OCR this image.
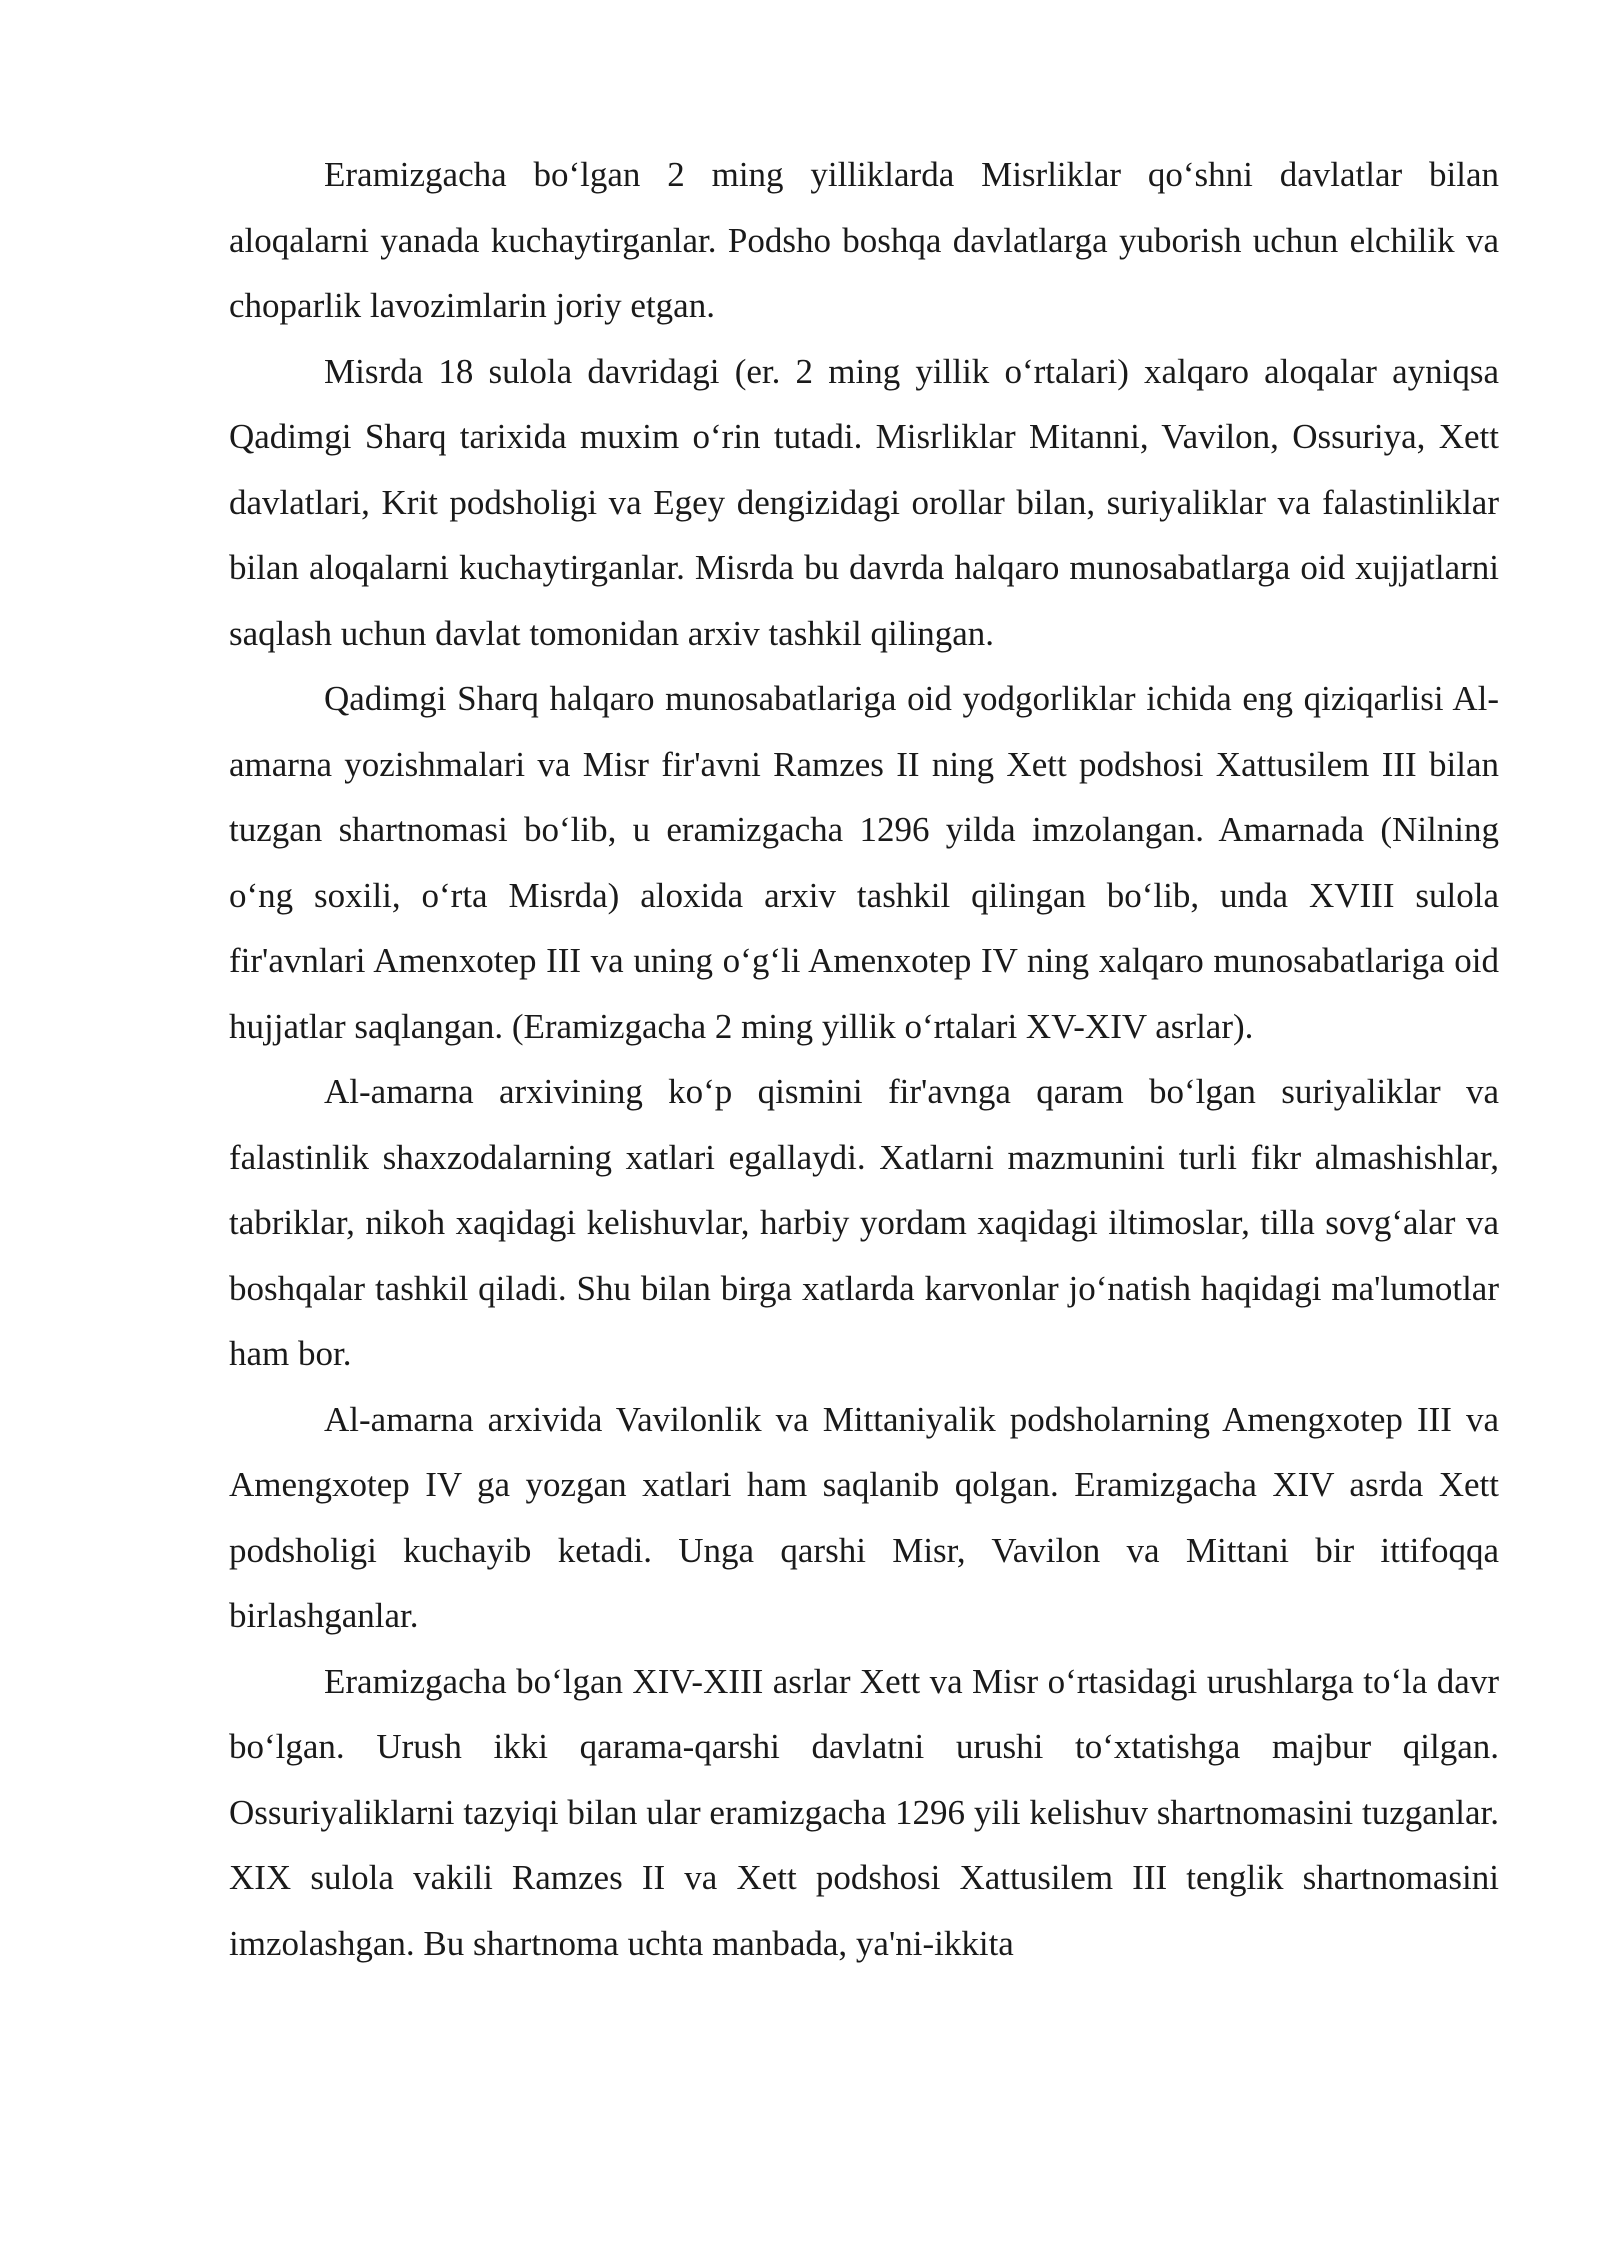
Eramizgacha bo‘lgan 2 ming yilliklarda Misrliklar qo‘shni davlatlar bilan aloqalarni yanada kuchaytirganlar. Podsho boshqa davlatlarga yuborish uchun elchilik va choparlik lavozimlarin joriy etgan.

Misrda 18 sulola davridagi (er. 2 ming yillik o‘rtalari) xalqaro aloqalar ayniqsa Qadimgi Sharq tarixida muxim o‘rin tutadi. Misrliklar Mitanni, Vavilon, Ossuriya, Xett davlatlari, Krit podsholigi va Egey dengizidagi orollar bilan, suriyaliklar va falastinliklar bilan aloqalarni kuchaytirganlar. Misrda bu davrda halqaro munosabatlarga oid xujjatlarni saqlash uchun davlat tomonidan arxiv tashkil qilingan.

Qadimgi Sharq halqaro munosabatlariga oid yodgorliklar ichida eng qiziqarlisi Al-amarna yozishmalari va Misr fir'avni Ramzes II ning Xett podshosi Xattusilem III bilan tuzgan shartnomasi bo‘lib, u eramizgacha 1296 yilda imzolangan. Amarnada (Nilning o‘ng soxili, o‘rta Misrda) aloxida arxiv tashkil qilingan bo‘lib, unda XVIII sulola fir'avnlari Amenxotep III va uning o‘g‘li Amenxotep IV ning xalqaro munosabatlariga oid hujjatlar saqlangan. (Eramizgacha 2 ming yillik o‘rtalari XV-XIV asrlar).

Al-amarna arxivining ko‘p qismini fir'avnga qaram bo‘lgan suriyaliklar va falastinlik shaxzodalarning xatlari egallaydi. Xatlarni mazmunini turli fikr almashishlar, tabriklar, nikoh xaqidagi kelishuvlar, harbiy yordam xaqidagi iltimoslar, tilla sovg‘alar va boshqalar tashkil qiladi. Shu bilan birga xatlarda karvonlar jo‘natish haqidagi ma'lumotlar ham bor.

Al-amarna arxivida Vavilonlik va Mittaniyalik podsholarning Amengxotep III va Amengxotep IV ga yozgan xatlari ham saqlanib qolgan. Eramizgacha XIV asrda Xett podsholigi kuchayib ketadi. Unga qarshi Misr, Vavilon va Mittani bir ittifoqqa birlashganlar.

Eramizgacha bo‘lgan XIV-XIII asrlar Xett va Misr o‘rtasidagi urushlarga to‘la davr bo‘lgan. Urush ikki qarama-qarshi davlatni urushi to‘xtatishga majbur qilgan. Ossuriyaliklarni tazyiqi bilan ular eramizgacha 1296 yili kelishuv shartnomasini tuzganlar. XIX sulola vakili Ramzes II va Xett podshosi Xattusilem III tenglik shartnomasini imzolashgan. Bu shartnoma uchta manbada, ya'ni-ikkita
